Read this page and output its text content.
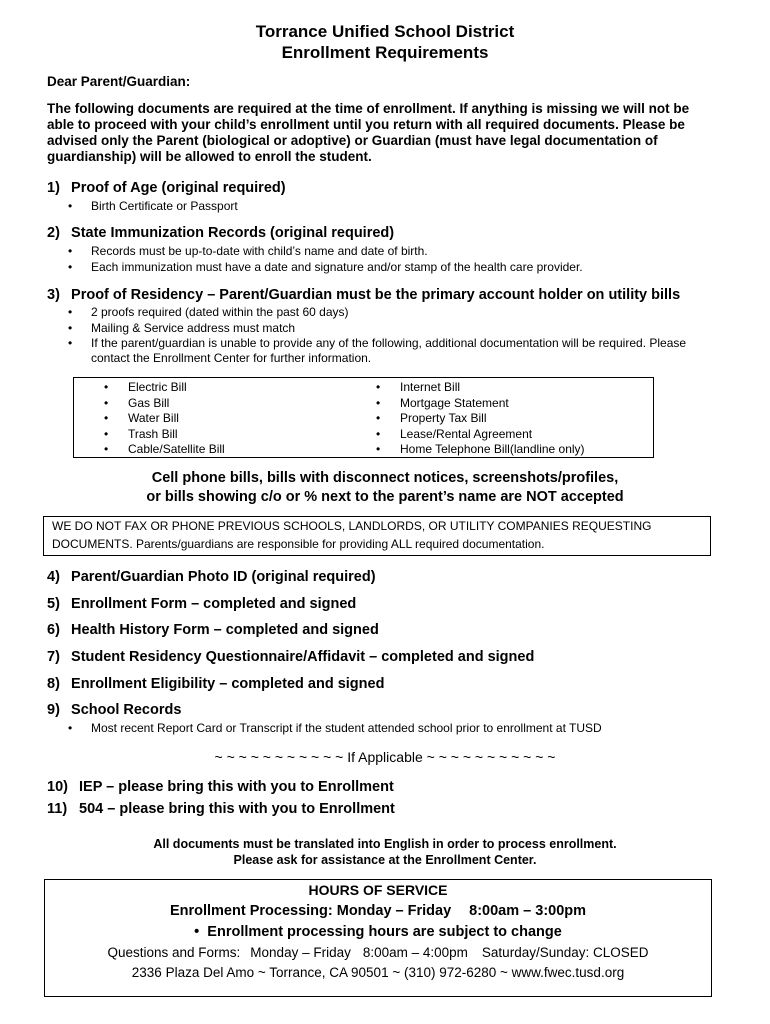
Torrance Unified School District
Enrollment Requirements
Dear Parent/Guardian:

The following documents are required at the time of enrollment. If anything is missing we will not be

able to proceed with your child’s enrollment until you return with all required documents. Please be

advised only the Parent (biological or adoptive) or Guardian (must have legal documentation of

guardianship) will be allowed to enroll the student.

1) Proof of Age (original required)
• Birth Certificate or Passport
2) State Immunization Records (original required)
• Records must be up-to-date with child’s name and date of birth.
• Each immunization must have a date and signature and/or stamp of the health care provider.
3) Proof of Residency – Parent/Guardian must be the primary account holder on utility bills
• 2 proofs required (dated within the past 60 days)
• Mailing & Service address must match
• If the parent/guardian is unable to provide any of the following, additional documentation will be required. Please
contact the Enrollment Center for further information.
• Electric Bill
• Gas Bill
• Water Bill
• Trash Bill
• Cable/Satellite Bill
• Internet Bill
• Mortgage Statement
• Property Tax Bill
• Lease/Rental Agreement
• Home Telephone Bill(landline only)
Cell phone bills, bills with disconnect notices, screenshots/profiles,
or bills showing c/o or % next to the parent’s name are NOT accepted

WE DO NOT FAX OR PHONE PREVIOUS SCHOOLS, LANDLORDS, OR UTILITY COMPANIES REQUESTING

DOCUMENTS. Parents/guardians are responsible for providing ALL required documentation.

4) Parent/Guardian Photo ID (original required)
5) Enrollment Form – completed and signed
6) Health History Form – completed and signed
7) Student Residency Questionnaire/Affidavit – completed and signed
8) Enrollment Eligibility – completed and signed
9) School Records
• Most recent Report Card or Transcript if the student attended school prior to enrollment at TUSD
~ ~ ~ ~ ~ ~ ~ ~ ~ ~ ~ If Applicable ~ ~ ~ ~ ~ ~ ~ ~ ~ ~ ~
10) IEP – please bring this with you to Enrollment
11) 504 – please bring this with you to Enrollment
All documents must be translated into English in order to process enrollment.
Please ask for assistance at the Enrollment Center.
HOURS OF SERVICE
Enrollment Processing: Monday – Friday 8:00am – 3:00pm
•  Enrollment processing hours are subject to change
Questions and Forms: Monday – Friday 8:00am – 4:00pm Saturday/Sunday: CLOSED
2336 Plaza Del Amo ~ Torrance, CA 90501 ~ (310) 972-6280 ~ www.fwec.tusd.org
